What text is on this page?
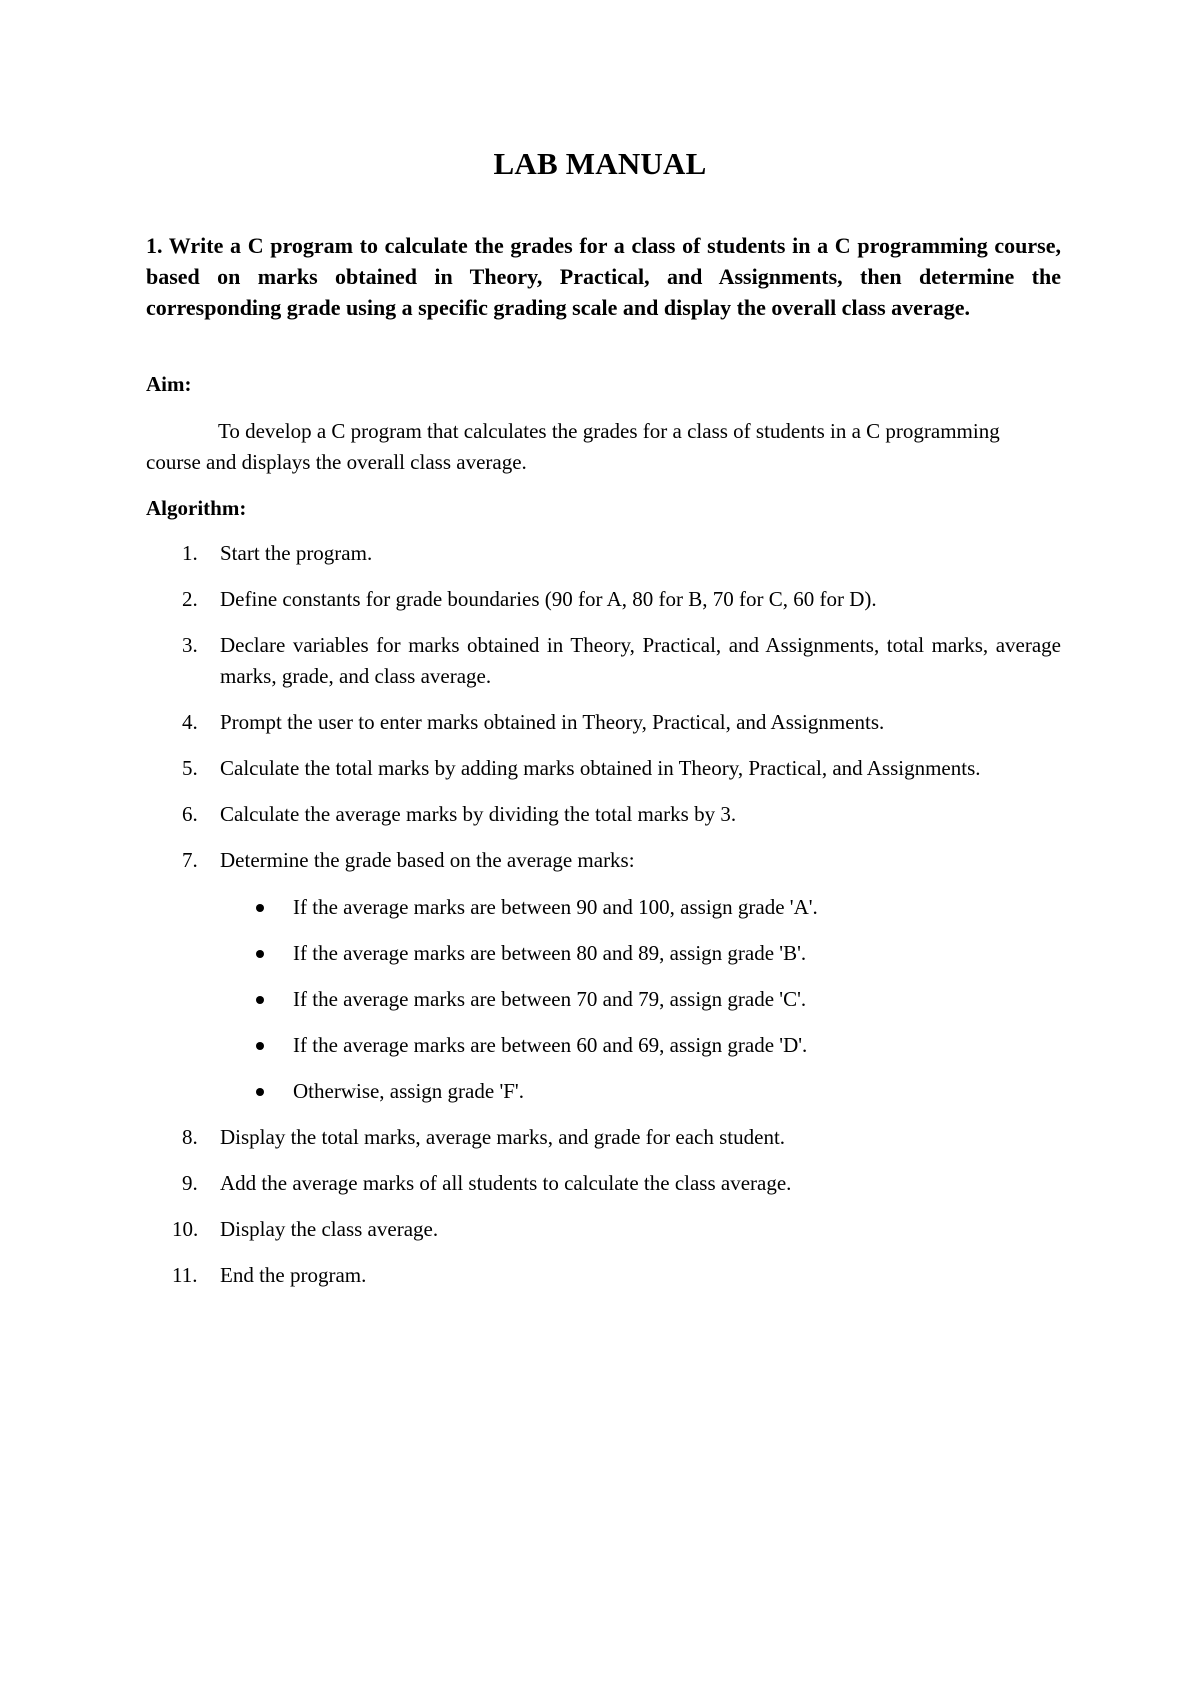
LAB MANUAL
1. Write a C program to calculate the grades for a class of students in a C programming course, based on marks obtained in Theory, Practical, and Assignments, then determine the corresponding grade using a specific grading scale and display the overall class average.
Aim:
To develop a C program that calculates the grades for a class of students in a C programming course and displays the overall class average.
Algorithm:
1. Start the program.
2. Define constants for grade boundaries (90 for A, 80 for B, 70 for C, 60 for D).
3. Declare variables for marks obtained in Theory, Practical, and Assignments, total marks, average marks, grade, and class average.
4. Prompt the user to enter marks obtained in Theory, Practical, and Assignments.
5. Calculate the total marks by adding marks obtained in Theory, Practical, and Assignments.
6. Calculate the average marks by dividing the total marks by 3.
7. Determine the grade based on the average marks:
If the average marks are between 90 and 100, assign grade 'A'.
If the average marks are between 80 and 89, assign grade 'B'.
If the average marks are between 70 and 79, assign grade 'C'.
If the average marks are between 60 and 69, assign grade 'D'.
Otherwise, assign grade 'F'.
8. Display the total marks, average marks, and grade for each student.
9. Add the average marks of all students to calculate the class average.
10. Display the class average.
11. End the program.
